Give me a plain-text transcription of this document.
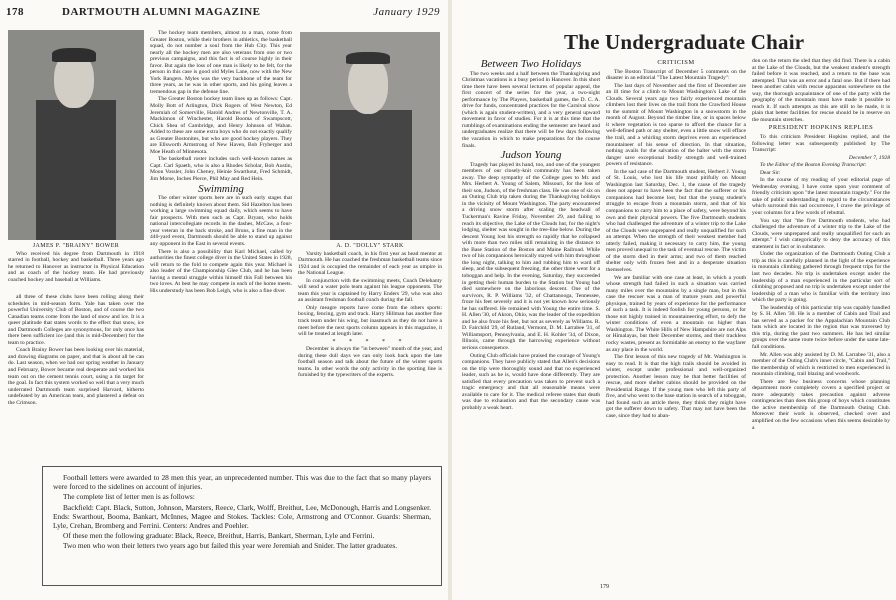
178	DARTMOUTH ALUMNI MAGAZINE	January 1929
JAMES P. "BRAINY" BOWER

Who received his degree from Dartmouth in 1918 starred in football, hockey and basketball. Three years ago he returned to Hanover as instructor in Physical Education and as coach of the hockey team. He had previously coached hockey and baseball at Williams.

all three of these clubs have been rolling along their schedules in mid-season form. Yale has taken over the powerful University Club of Boston, and of course the two Canadian teams come from the land of snow and ice. It is a queer platitude that states words to the effect that snow, ice and Dartmouth Colleges are synonymous, for only once has there been sufficient ice (and this is mid-December) for the team to practice.

Coach Brainy Bower has been looking over his material, and drawing diagrams on paper, and that is about all he can do. Last season, when we had our spring weather in January and February, Bower became real desperate and worked his team out on the cement tennis court, using a tin target for the goal. In fact this system worked so well that a very much underrated Dartmouth team surprised Harvard, hitherto undefeated by an American team, and plastered a defeat on the Crimson.

The hockey team members, almost to a man, come from Greater Boston, while their brothers in athletics, the basketball squad, do not number a soul from the Hub City. This year nearly all the hockey men are also veterans from one or two previous campaigns, and this fact is of course highly in their favor. But again the loss of one man is likely to be felt, for the person in this case is good old Myles Lane, now with the New York Rangers. Myles was the very backbone of the team for three years, as he was in other sports, and his going leaves a tremendous gap in the defense line.

The Greater Boston hockey team lines up as follows: Capt. Molly Bott of Arlington, Dick Rogers of West Newton, Ed Jeremiah of Somerville, Harold Andres of Newtonville, T. A. Mackinnon of Winchester, Harold Booma of Swampscott, Chick Shea of Cambridge, and Henry Johnson of Waban. Added to these are some extra boys who do not exactly qualify as Greater Bostonites, but who are good hockey players. They are Ellsworth Armstrong of New Haven, Bob Fryberger and Moe Heath of Minnesota.

The basketball roster includes such well-known names as Capt. Carl Spaeth, who is also a Rhodes Scholar, Bob Austin, Moon Vossler, John Cheney, Heinie Swarthout, Fred Schmidt, Jim Morse, Inches Pierce, Phil May and Red Hein.

Swimming

The other winter sports here are in such early stages that nothing is definitely known about them. Sid Hazelton has been working a large swimming squad daily, which seems to have fair prospects. With men such as Capt. Bryant, who holds national intercollegiate records in the dashes, McCaw, a four-year veteran in the back stroke, and Bruns, a fine man in the 440-yard event, Dartmouth should be able to stand up against any opponent in the East in several events.

There is also a possibility that Karl Michael, called by authorities the finest college diver in the United States in 1928, will return to the fold to compete again this year. Michael is also leader of the Championship Glee Club, and he has been having a mental struggle within himself this Fall between his two loves. At best he may compete in each of the home meets. His understudy has been Bob Leigh, who is also a fine diver.

A. D. "DOLLY" STARK

Varsity basketball coach, in his first year as head mentor at Dartmouth. He has coached the freshman basketball teams since 1924 and is occupied the remainder of each year as umpire in the National League.

In conjunction with the swimming meets, Coach Delehanty will send a water polo team against his league opponents. The team this year is captained by Harry Enders '29, who was also an assistant freshman football coach during the fall.

Only meagre reports have come from the others sports: boxing, fencing, gym and track. Harry Hillman has another fine track team under his wing, but inasmuch as they do not have a meet before the next sports column appears in this magazine, it will be treated at length later.

* * * * *

December is always the "in between" month of the year, and during these dull days we can only look back upon the late football season and talk about the future of the winter sports teams. In other words the only activity in the sporting line is furnished by the typewriters of the experts.

Football letters were awarded to 28 men this year, an unprecedented number. This was due to the fact that so many players were forced to the sidelines on account of injuries.

The complete list of letter men is as follows:

Backfield: Capt. Black, Sutton, Johnson, Marsters, Reece, Clark, Wolff, Breithut, Lee, McDonough, Harris and Longsenker. Ends: Swarthout, Booma, Bankart, McInnes, Magee and Stokes. Tackles: Cole, Armstrong and O'Connor. Guards: Sherman, Lyle, Crehan, Bromberg and Ferrini. Centers: Andres and Poehler.

Of these men the following graduate: Black, Reece, Breithut, Harris, Bankart, Sherman, Lyle and Ferrini.

Two men who won their letters two years ago but failed this year were Jeremiah and Snider. The latter graduates.

The Undergraduate Chair
Between Two Holidays

The two weeks and a half between the Thanksgiving and Christmas vacations is a busy period in Hanover. In this short time there have been several lectures of popular appeal, the first concert of the series for the year, a two-night performance by The Players, basketball games, the D. C. A. drive for funds, concentrated practices for the Carnival show (which is again student-written), and a very general upward movement in favor of studies. For it is at this time that the rumblings of examinations ending the semester are heard and undergraduates realize that there will be few days following the vacation in which to make preparations for the course finals.

Judson Young

Tragedy has played its hand, too, and one of the youngest members of our closely-knit community has been taken away. The deep sympathy of the College goes to Mr. and Mrs. Herbert A. Young of Salem, Missouri, for the loss of their son, Judson, of the freshman class. He was one of six on an Outing Club trip taken during the Thanksgiving holidays in the vicinity of Mount Washington. The party encountered a driving snow storm after scaling the headwall of Tuckerman's Ravine Friday, November 29, and failing to reach its objective, the Lake of the Clouds hut, for the night's lodging, shelter was sought in the tree-line below. During the descent Young lost his strength so rapidly that he collapsed with more than two miles still remaining in the distance to the Base Station of the Boston and Maine Railroad. While two of his companions heroically stayed with him throughout the long night, talking to him and rubbing him to ward off sleep, and the subsequent freezing, the other three went for a toboggan and help. In the evening, Saturday, they succeeded in getting their human burden to the Station but Young had died somewhere on the laborious descent. One of the survivors, R. P. Williams '32, of Chattanooga, Tennessee, froze his feet severely and it is not yet known how seriously he has suffered. He remained with Young the entire time. S. H. Allen '30, of Akron, Ohio, was the leader of the expedition and he also froze his feet, but not as severely as Williams. R. D. Fairchild '29, of Rutland, Vermont, D. M. Larrabee '31, of Williamsport, Pennsylvania, and E. H. Kohler '34, of Dixon, Illinois, came through the harrowing experience without serious consequence.

Outing Club officials have praised the courage of Young's companions. They have publicly stated that Allen's decisions on the trip were thoroughly sound and that no experienced leader, such as he is, would have done differently. They are satisfied that every precaution was taken to prevent such a tragic emergency and that all reasonable means were available to care for it. The medical referee states that death was due to exhaustion and that the secondary cause was probably a weak heart.

CRITICISM

The Boston Transcript of December 5 comments on the disaster in an editorial "The Latest Mountain Tragedy":

The last days of November and the first of December are an ill time for a climb to Mount Washington's Lake of the Clouds. Several years ago two fairly experienced mountain climbers lost their lives on the trail from the Crawford House to the summit of Mount Washington in a snowstorm in the month of August. Beyond the timber line, or in spaces below it where vegetation is too sparse to afford the chance for a well-defined path or any shelter, even a little snow will efface the trail, and a whirling storm deprives even an experienced mountaineer of his sense of direction. In that situation, nothing avails for the salvation of the halter with the storm danger save exceptional bodily strength and well-trained powers of resistance.

In the sad case of the Dartmouth student, Herbert J. Young of St. Louis, who lost his life most pitifully on Mount Washington last Saturday, Dec. 1, the cause of the tragedy does not appear to have been the fact that the sufferer or his companions had become lost, but that the young student's struggle to escape from a mountain storm, and that of his companions to carry him to a place of safety, were beyond his own and their physical powers. The five Dartmouth students who had challenged the adventure of a winter trip to the Lake of the Clouds were unprepared and really unqualified for such an attempt. When the strength of their weakest member had utterly failed, making it necessary to carry him, the young men proved unequal to the task of eventual rescue. The victim of the storm died in their arms; and two of them reached shelter only with frozen feet and in a desperate situation themselves.

We are familiar with one case at least, in which a youth whose strength had failed in such a situation was carried many miles over the mountains by a single man, but in this case the rescuer was a man of mature years and powerful physique, trained by years of experience for the performance of such a task. It is indeed foolish for young persons, or for those not highly trained in mountaineering effort, to defy the winter conditions of even a mountain no higher than Washington. The White Hills of New Hampshire are not Alps or Himalayas, but their December storms, and their trackless rocky wastes, present as formidable an enemy to the wayfarer as any place in the world.

The first lesson of this new tragedy of Mt. Washington is easy to read. It is that the high trails should be avoided in winter, except under professional and well-organized protection. Another lesson may be that better facilities of rescue, and more shelter cabins should be provided on the Presidential Range. If the young men who left this party of five, and who went to the base station in search of a toboggan, had found such an article there, they think they might have got the sufferer down to safety. That may not have been the case, since they had to aban-

don on the return the sled that they did find. There is a cabin at the Lake of the Clouds, but the weakest student's strength failed before it was reached, and a return to the base was attempted. That was an error and a fatal one. But if there had been another cabin with rescue apparatus somewhere on the way, the thorough acquaintance of one of the party with the geography of the mountain must have made it possible to reach it. If such attempts as this are still to be made, it is plain that better facilities for rescue should be in reserve on the mountain stretches.

PRESIDENT HOPKINS REPLIES

To this criticism President Hopkins replied, and the following letter was subsequently published by The Transcript:

December 7, 1928

To the Editor of the Boston Evening Transcript:

Dear Sir:

In the course of my reading of your editorial page of Wednesday evening, I have come upon your comment of friendly criticism upon "the latest mountain tragedy." For the sake of public understanding in regard to the circumstances which surround this sad occurrence, I crave the privilege of your columns for a few words of rebuttal.

You say that "the five Dartmouth students, who had challenged the adventure of a winter trip to the Lake of the Clouds, were unprepared and really unqualified for such an attempt." I wish categorically to deny the accuracy of this statement in fact or in substance.

Under the organization of the Dartmouth Outing Club a trip as this is carefully planned in the light of the experience in mountain climbing gathered through frequent trips for the last two decades. No trip is undertaken except under the leadership of a man experienced in the particular sort of climbing proposed and no trip is undertaken except under the leadership of a man who is familiar with the territory into which the party is going.

The leadership of this particular trip was capably handled by S. H. Allen '30. He is a member of Cabin and Trail and has served as a packer for the Appalachian Mountain Club huts which are located in the region that was traversed by this trip, during the past two summers. He has led similar groups over the same route twice before under the same late-fall conditions.

Mr. Allen was ably assisted by D. M. Larrabee '31, also a member of the Outing Club's inner circle, "Cabin and Trail," the membership of which is restricted to men experienced in mountain climbing, trail blazing and woodwork.

There are few business concerns whose planning department more completely covers a specified project or more adequately takes precaution against adverse contingencies than does this group of boys which constitutes the active membership of the Dartmouth Outing Club. Moreover their work is observed, checked over and amplified on the few occasions when this seems desirable by a

179
